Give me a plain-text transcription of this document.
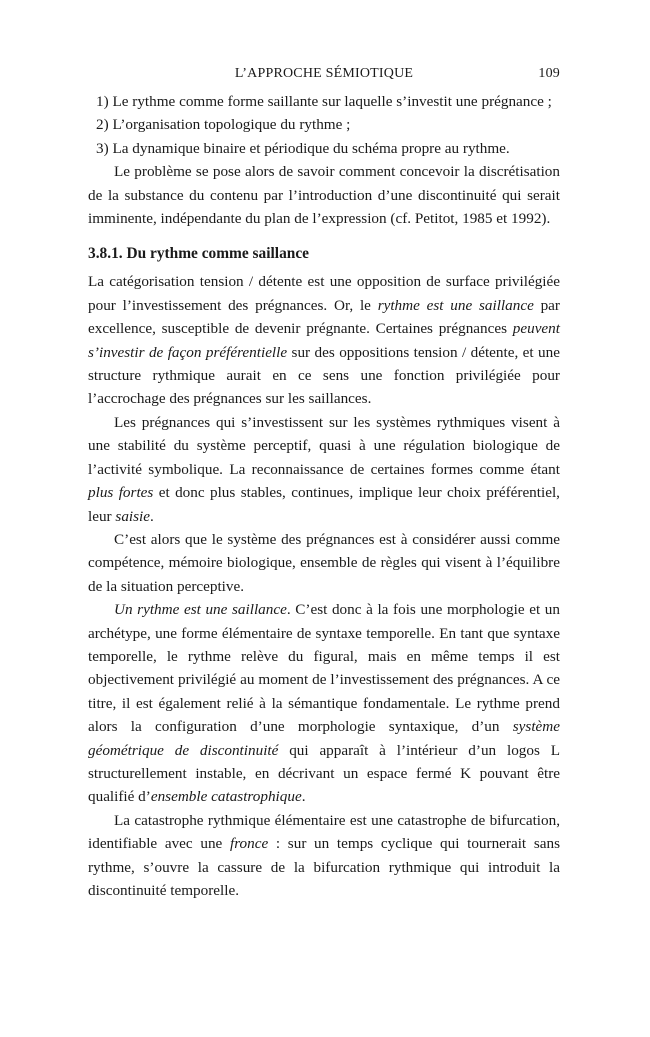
L’APPROCHE SÉMIOTIQUE	109

1) Le rythme comme forme saillante sur laquelle s’investit une prégnance ;

2) L’organisation topologique du rythme ;

3) La dynamique binaire et périodique du schéma propre au rythme.

Le problème se pose alors de savoir comment concevoir la discrétisation de la substance du contenu par l’introduction d’une discontinuité qui serait imminente, indépendante du plan de l’expression (cf. Petitot, 1985 et 1992).

3.8.1. Du rythme comme saillance

La catégorisation tension / détente est une opposition de surface privilégiée pour l’investissement des prégnances. Or, le rythme est une saillance par excellence, susceptible de devenir prégnante. Certaines prégnances peuvent s’investir de façon préférentielle sur des oppositions tension / détente, et une structure rythmique aurait en ce sens une fonction privilégiée pour l’accrochage des prégnances sur les saillances.

Les prégnances qui s’investissent sur les systèmes rythmiques visent à une stabilité du système perceptif, quasi à une régulation biologique de l’activité symbolique. La reconnaissance de certaines formes comme étant plus fortes et donc plus stables, continues, implique leur choix préférentiel, leur saisie.

C’est alors que le système des prégnances est à considérer aussi comme compétence, mémoire biologique, ensemble de règles qui visent à l’équilibre de la situation perceptive.

Un rythme est une saillance. C’est donc à la fois une morphologie et un archétype, une forme élémentaire de syntaxe temporelle. En tant que syntaxe temporelle, le rythme relève du figural, mais en même temps il est objectivement privilégié au moment de l’investissement des prégnances. A ce titre, il est également relié à la sémantique fondamentale. Le rythme prend alors la configuration d’une morphologie syntaxique, d’un système géométrique de discontinuité qui apparaît à l’intérieur d’un logos L structurellement instable, en décrivant un espace fermé K pouvant être qualifié d’ensemble catastrophique.

La catastrophe rythmique élémentaire est une catastrophe de bifurcation, identifiable avec une fronce : sur un temps cyclique qui tournerait sans rythme, s’ouvre la cassure de la bifurcation rythmique qui introduit la discontinuité temporelle.
